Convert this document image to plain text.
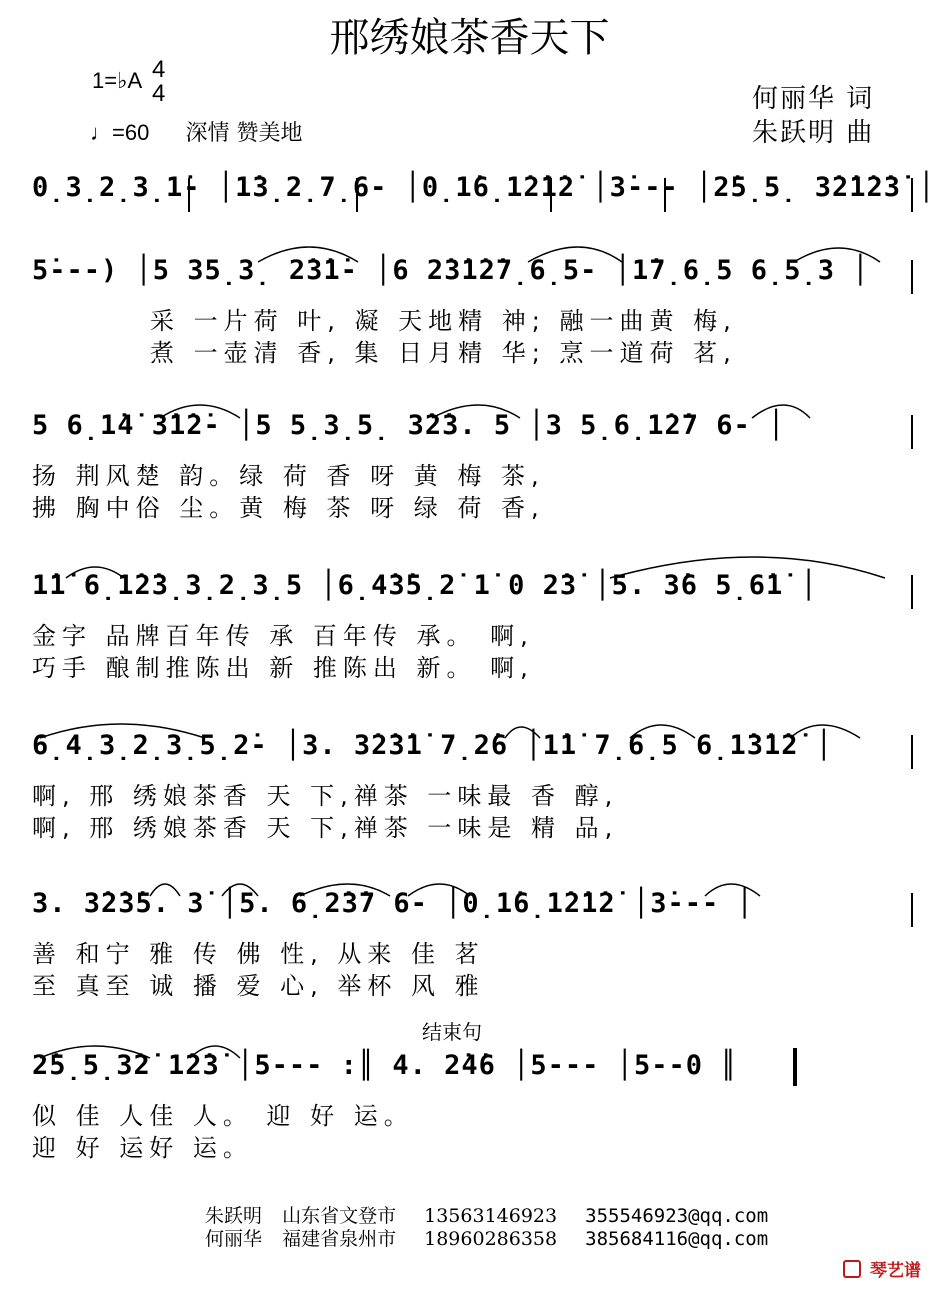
邢绣娘茶香天下
1=♭A 4
4
♩=60 深情 赞美地
何丽华 词
朱跃明 曲
0̣3̣2̣3̣1̇- │1̇3̣2̣7̣6- │0̣1̇6̣1̇2̇1̇2̇ │3̇--- │2̇5̣5̣ 3̇2̇1̇2̇3̇ │
5̇---) │5 35̣3̣ 2̇3̇1̇- │6 2̇3̇1̇2̇7̣6̣5- │1̇7̣6̣5 6̣5̣3 │
采 一片荷 叶, 凝 天地精 神; 融一曲黄 梅,
煮 一壶清 香, 集 日月精 华; 烹一道荷 茗,
5 6̣1̇4̇ 3̇1̇2̇- │5 5̣3̣5̣ 3̇2̇3. 5 │3 5̣6̣1̇2̇7 6- │
扬 荆风楚 韵。绿 荷 香 呀 黄 梅 茶,
拂 胸中俗 尘。黄 梅 茶 呀 绿 荷 香,
1̇1̇ 6̣1̇2̇3̣3̣2̣3̣5 │6̣4̇3̇5̣2̇ 1̇ 0 2̇3̇ │5. 3̇6 5̣6̇1̇ │
金字 品牌百年传 承 百年传 承。 啊,
巧手 酿制推陈出 新 推陈出 新。 啊,
6̣4̣3̣2̣3̣5̣2̇- │3. 3̇2̇3̇1̇ 7̣2̇6 │1̇1̇ 7̣6̣5 6̣1̇3̇1̇2̇ │
啊, 邢 绣娘茶香 天 下,禅茶 一味最 香 醇,
啊, 邢 绣娘茶香 天 下,禅茶 一味是 精 品,
3. 3̇2̇3̇5. 3̇ │5. 6̣2̇3̇7 6- │0̣1̇6̣1̇2̇1̇2̇ │3̇--- │
善 和宁 雅 传 佛 性, 从来 佳 茗
至 真至 诚 播 爱 心, 举杯 风 雅
结束句
2̇5̣5̣3̇2̇ 1̇2̇3̇ │5--- :║ 4. 2̇4̇6 │5--- │5--0 ║
似 佳 人佳 人。 迎 好 运。
迎 好 运好 运。
朱跃明 山东省文登市 13563146923 355546923@qq.com
何丽华 福建省泉州市 18960286358 385684116@qq.com
琴艺谱
